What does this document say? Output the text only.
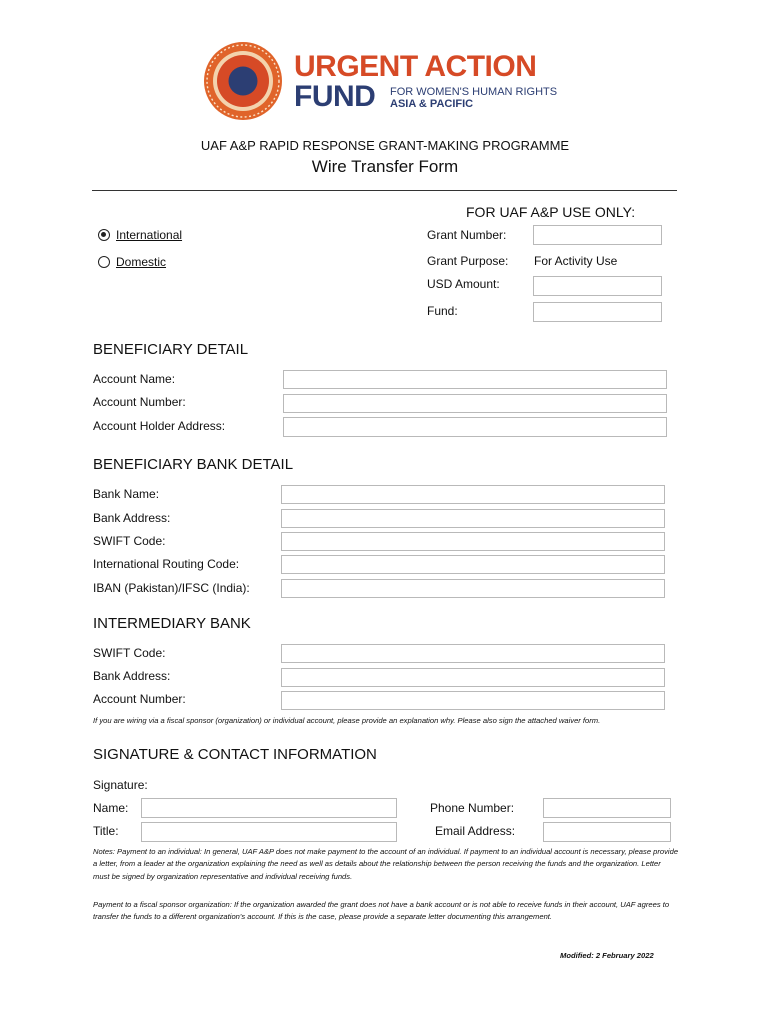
URGENT ACTION
FUND FOR WOMEN'S HUMAN RIGHTS
ASIA & PACIFIC
UAF A&P RAPID RESPONSE GRANT-MAKING PROGRAMME
Wire Transfer Form
FOR UAF A&P USE ONLY:
International
Domestic
Grant Number:
Grant Purpose: For Activity Use
USD Amount:
Fund:
BENEFICIARY DETAIL
Account Name:
Account Number:
Account Holder Address:
BENEFICIARY BANK DETAIL
Bank Name:
Bank Address:
SWIFT Code:
International Routing Code:
IBAN (Pakistan)/IFSC (India):
INTERMEDIARY BANK
SWIFT Code:
Bank Address:
Account Number:
If you are wiring via a fiscal sponsor (organization) or individual account, please provide an explanation why. Please also sign the attached waiver form.
SIGNATURE & CONTACT INFORMATION
Signature:
Name:	Phone Number:
Title:	Email Address:
Notes: Payment to an individual: In general, UAF A&P does not make payment to the account of an individual. If payment to an individual account is necessary, please provide a letter, from a leader at the organization explaining the need as well as details about the relationship between the person receiving the funds and the organization. Letter must be signed by organization representative and individual receiving funds.
Payment to a fiscal sponsor organization: If the organization awarded the grant does not have a bank account or is not able to receive funds in their account, UAF agrees to transfer the funds to a different organization's account. If this is the case, please provide a separate letter documenting this arrangement.
Modified: 2 February 2022
